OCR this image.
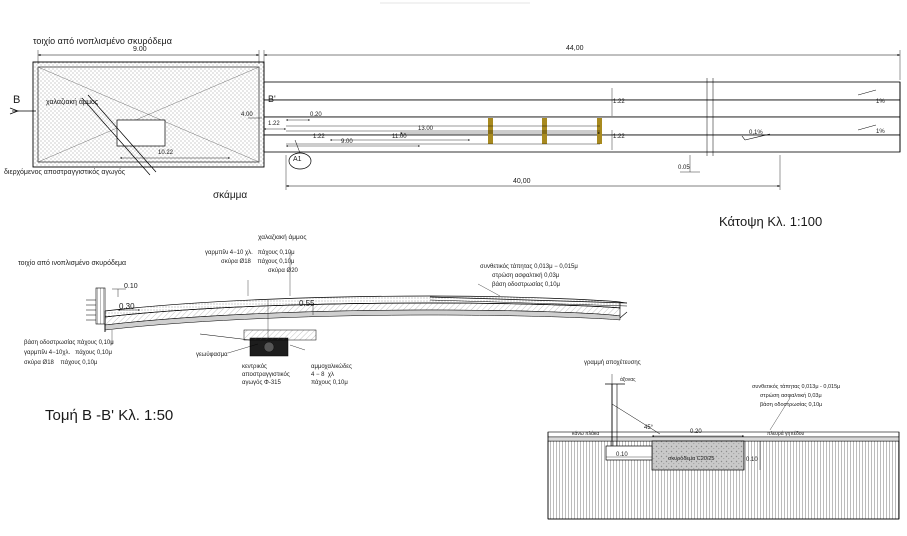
τοιχίο από ινοπλισμένο σκυρόδεμα
χαλαζιακή άμμος
διερχόμενος αποστραγγιστικός αγωγός
σκάμμα
Β	Β'
Α1
9.00
10.22
44,00
40,00
0.20
1.22
1.22
1.22
1.22
4.00
13.00
11.00
9.00
0.05
1%
1%
0,1%
Κάτοψη Κλ. 1:100
τοιχίο από ινοπλισμένο σκυρόδεμα
χαλαζιακή άμμος
γαρμπίλι 4−10 χλ.   πάχους 0,10μ
σκύρα Ø18    πάχους 0,10μ
σκύρα Ø20
συνθετικός τάπητας 0,013μ − 0,015μ
στρώση ασφαλτική 0,03μ
βάση οδοστρωσίας 0,10μ
βάση οδοστρωσίας πάχους 0,10μ
γαρμπίλι 4−10χλ.   πάχους 0,10μ
σκύρα Ø18    πάχους 0,10μ
γεωύφασμα
κεντρικός
αποστραγγιστικός
αγωγός Φ-315
αμμοχαλικώδες
4 − 8  χλ
πάχους 0,10μ
0.10
0.30	0.55
Τομή Β -Β' Κλ. 1:50
γραμμή αποχέτευσης
άξονας
45°
συνθετικός τάπητας 0,013μ - 0,015μ
στρώση ασφαλτική 0,03μ
βάση οδοστρωσίας 0,10μ
κάνω πλάκα	πλευρά γηπέδου
σκυρόδεμα C20/25
0.10
0.20
0.10
